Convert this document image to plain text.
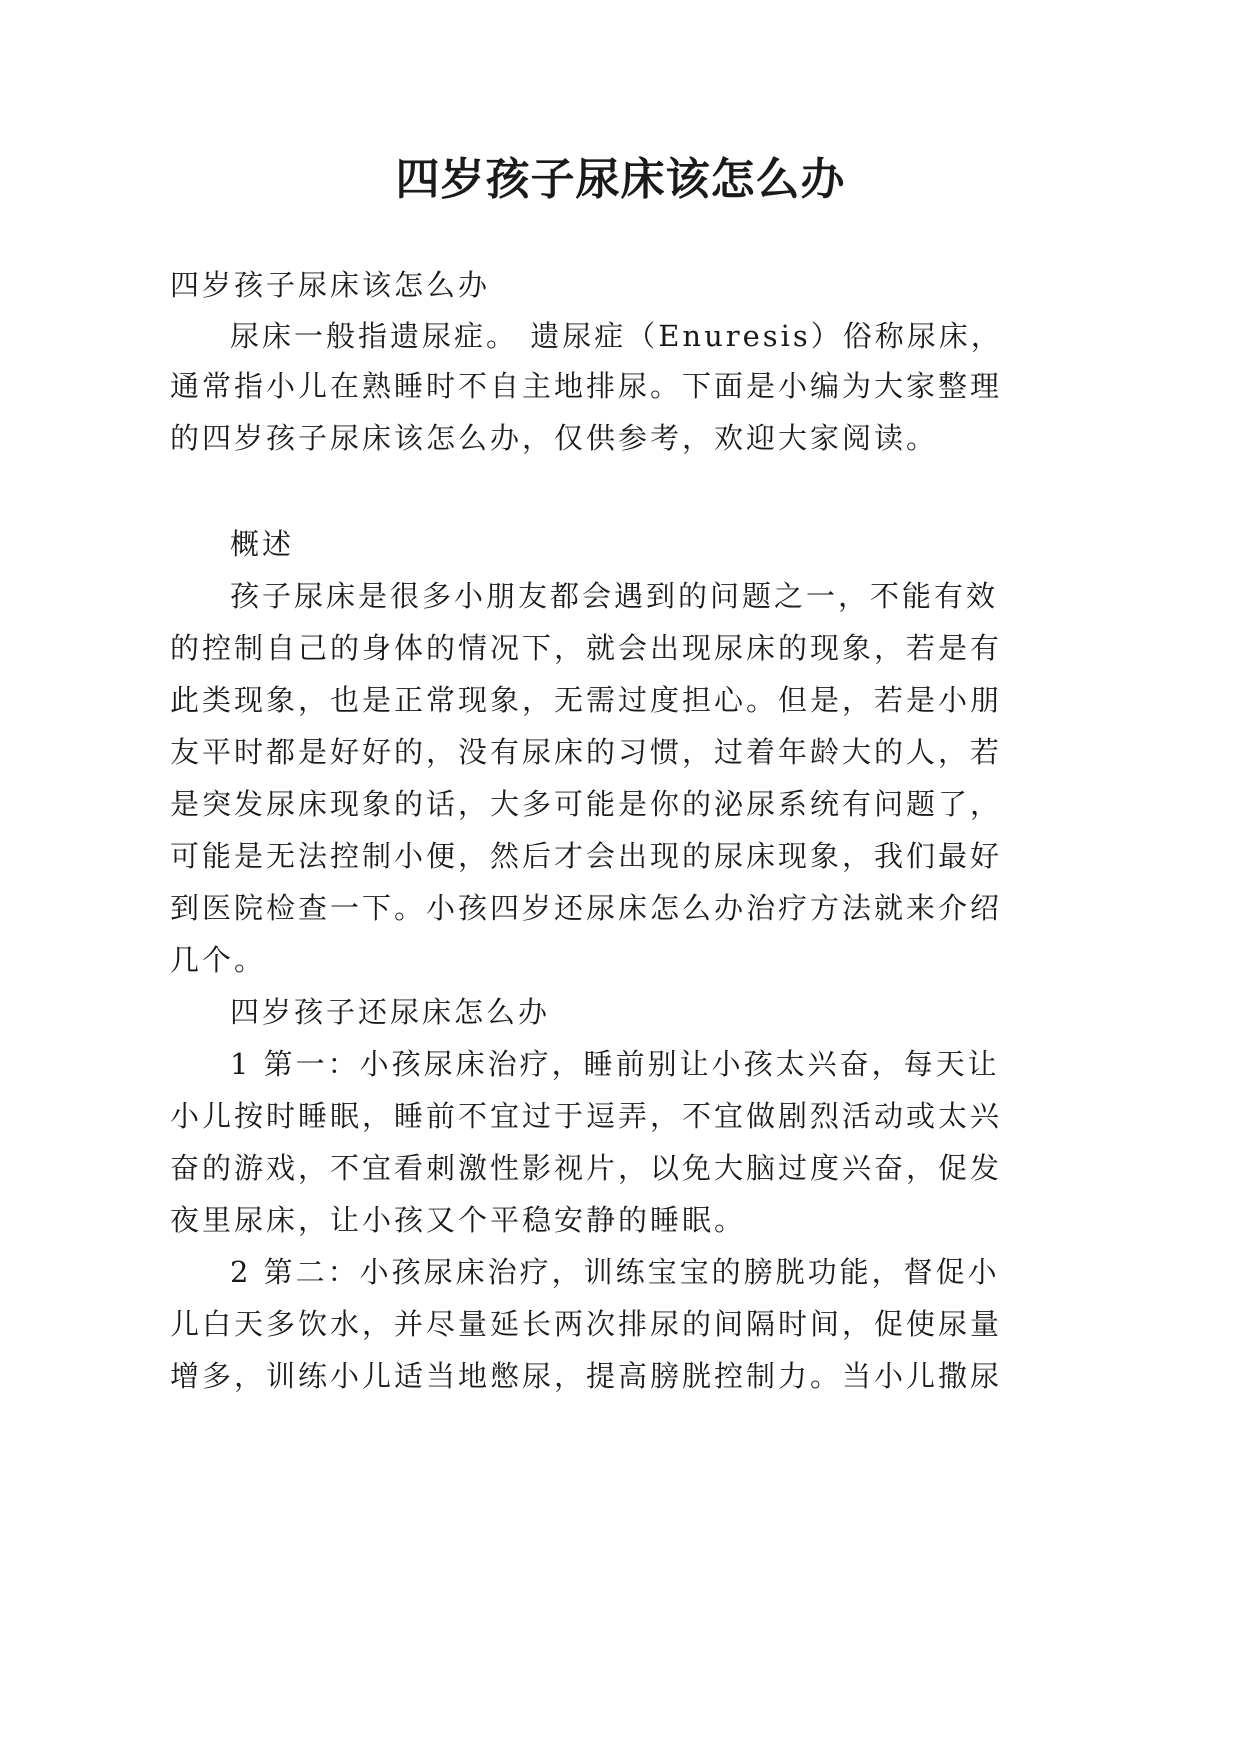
四岁孩子尿床该怎么办

四岁孩子尿床该怎么办

尿床一般指遗尿症。 遗尿症（Enuresis）俗称尿床，

通常指小儿在熟睡时不自主地排尿。下面是小编为大家整理

的四岁孩子尿床该怎么办，仅供参考，欢迎大家阅读。

概述

孩子尿床是很多小朋友都会遇到的问题之一，不能有效

的控制自己的身体的情况下，就会出现尿床的现象，若是有

此类现象，也是正常现象，无需过度担心。但是，若是小朋

友平时都是好好的，没有尿床的习惯，过着年龄大的人，若

是突发尿床现象的话，大多可能是你的泌尿系统有问题了，

可能是无法控制小便，然后才会出现的尿床现象，我们最好

到医院检查一下。小孩四岁还尿床怎么办治疗方法就来介绍

几个。

四岁孩子还尿床怎么办

1 第一：小孩尿床治疗，睡前别让小孩太兴奋，每天让

小儿按时睡眠，睡前不宜过于逗弄，不宜做剧烈活动或太兴

奋的游戏，不宜看刺激性影视片，以免大脑过度兴奋，促发

夜里尿床，让小孩又个平稳安静的睡眠。

2 第二：小孩尿床治疗，训练宝宝的膀胱功能，督促小

儿白天多饮水，并尽量延长两次排尿的间隔时间，促使尿量

增多，训练小儿适当地憋尿，提高膀胱控制力。当小儿撒尿
